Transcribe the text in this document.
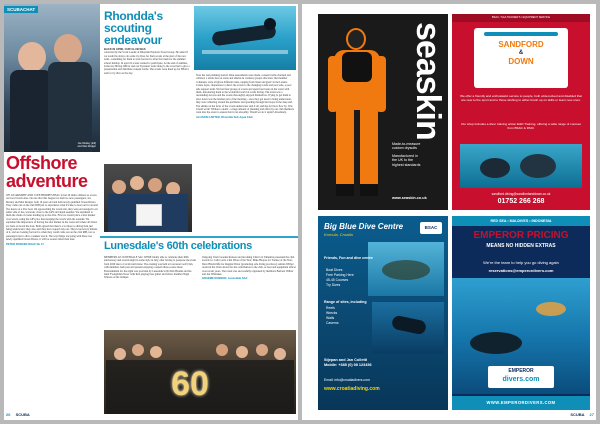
SCUBACHAT
Joe Mosley (left)
and Max Rodger
Offshore
adventure
WE AT GRIMSBY AND CLEETHORPES BSAC travel 20 miles offshore to access our local wreck sites. On one dive this August we had two new passengers, Joe Mosley and Max Rodger, both 16 years old and both newly qualified Ocean Divers. They came out on the club RIB just to experience what it's like to boat out for around five hours on a dive boat. On approaching the wreck site, they were encouraged to sit either side of the coxswain, close to the GPS and depth sounder. We explained to them the chain of events leading up to the dive. First we would place a shot marker over wreck, using the GPS plot, then keeping the wreck with the sounder. We explained the importance of having the shot marker in the water and where all divers are back on board the boat. Both agreed that there's a lot more to diving than just being underwater; they also said they had a superb day out. They loved every minute of it, and are looking forward to when they could come out on the club RIB, not as passengers but to dive a sunken wreck. The way things are going with these two newly qualified Ocean Divers, it will be sooner rather than later.
PETER RODGER BSAC No 17
Rhondda's
scouting
endeavour
BACK IN APRIL OUR CLUB WAS
contacted by the Scout Leader of Rhondda Explorer Scout Group. He asked if we would be able to do some try dives for their scouts at the start of the new term - something for them to look forward to after the break for the summer school holiday. In total 22 scouts wanted to participate. At the end of summer, Lidia our Diving Officer and our Treasurer went along to the scout hut to give a presentation and distribute consent forms. The scouts were lined up for BSACs and for try dive on the day.
Now the real planning started. Risk assessments were made, consent forms checked and collated, a whole host of starts and shields in counted, groups allocated. Our member volunteers were all given different tasks, ranging from 'meet and greet' in the Leisure Centre foyer, chaperones to direct the scouts to the changing rooms and pool side, a pool side support team. We had four groups of scouts and spent four hours in the water with them, introducing them to the wonderful world of scuba diving. The event was a resounding success and the scouts thoroughly enjoyed themselves. Trying to get them to slow down was the hardest part of the morning - once they got used to being underwater, they were whizzing around the perimeter and speeding through the hoops in the deep end. The smiles on the faces of the scouts underwater said it all, and the fact how flew by. Was it hard work? Without a doubt - a huge amount of planning and effort by our club members went into the event to ensure that it ran smoothly. Would we do it again? Absolutely.
ALLISON CARTER, Rhondda Sub Aqua Club
Lunesdale's 60th celebrations
MEMBERS AT LUNESDALE SAC WERE finally able to celebrate their 60th anniversary and awards night in some style in July, after having to postpone the event from 2020 due to Covid restrictions. The evening was held at Lancaster Golf Club, with members both past and present enjoying a superb three-course meal. Entertainment for the night was provided by Lunesdale's DO Rob Heanin and his band 'Foolgrimm Trees' with Rob playing bass guitar and fellow member Nigel Watson on the trumpet.
Outgoing Chair Graeme Robson and incoming Chair Liz Tallentire presented the club awards to: Cath Lorrie Club Diver of the Year; Mike Heayes for Trainee of the Year; Dave Hinchcliffe for Regular Diver (promoting safe diving practices); Adrian Wilbur received the Chair Award for his contribution to the club, as boat and equipment officer over recent years. The event was successfully organised by members Barbara Wilbur and Jen Whittaker.
GRAEME ROBSON, Lunesdale SAC
60
26 SCUBA
seaskin
Made-to-measure
custom drysuits
Manufactured in
the UK to the
highest standards
www.seaskin.co.uk
BSAC / SAA TRAINER'S / EQUIPMENT SERVICE
SANDFORD
&
DOWN
We offer a friendly and enthusiastic service to people, both wide-locked and disabled that are new to the sport and to those wishing to either brush up on skills or learn new ones.
Our shop includes a diver training action E&D Training, offering a wide range of courses from BSAC & PADI.
sandford.diving@sandfordanddown.co.uk
01752 266 268
Big Blue Dive Centre
Korcula, Croatia
BSAC
Friends, Fun and dive centre
Boat Dives
Free Parking Here
45-45 Courses
Try Dives
Range of sites, including
Reefs
Wrecks
Walls
Caverns
Stjepan and Jan Colletti
Mobile: +385 (0) 98 123456
Email: info@croatiadivers.com
www.croatiadiving.com
RED SEA • MALDIVES • INDONESIA
EMPEROR PRICING
MEANS NO HIDDEN EXTRAS
We're the team to help you go diving again
reservations@emperordivers.com
EMPEROR
divers.com
WWW.EMPERORDIVERS.COM
SCUBA 27
